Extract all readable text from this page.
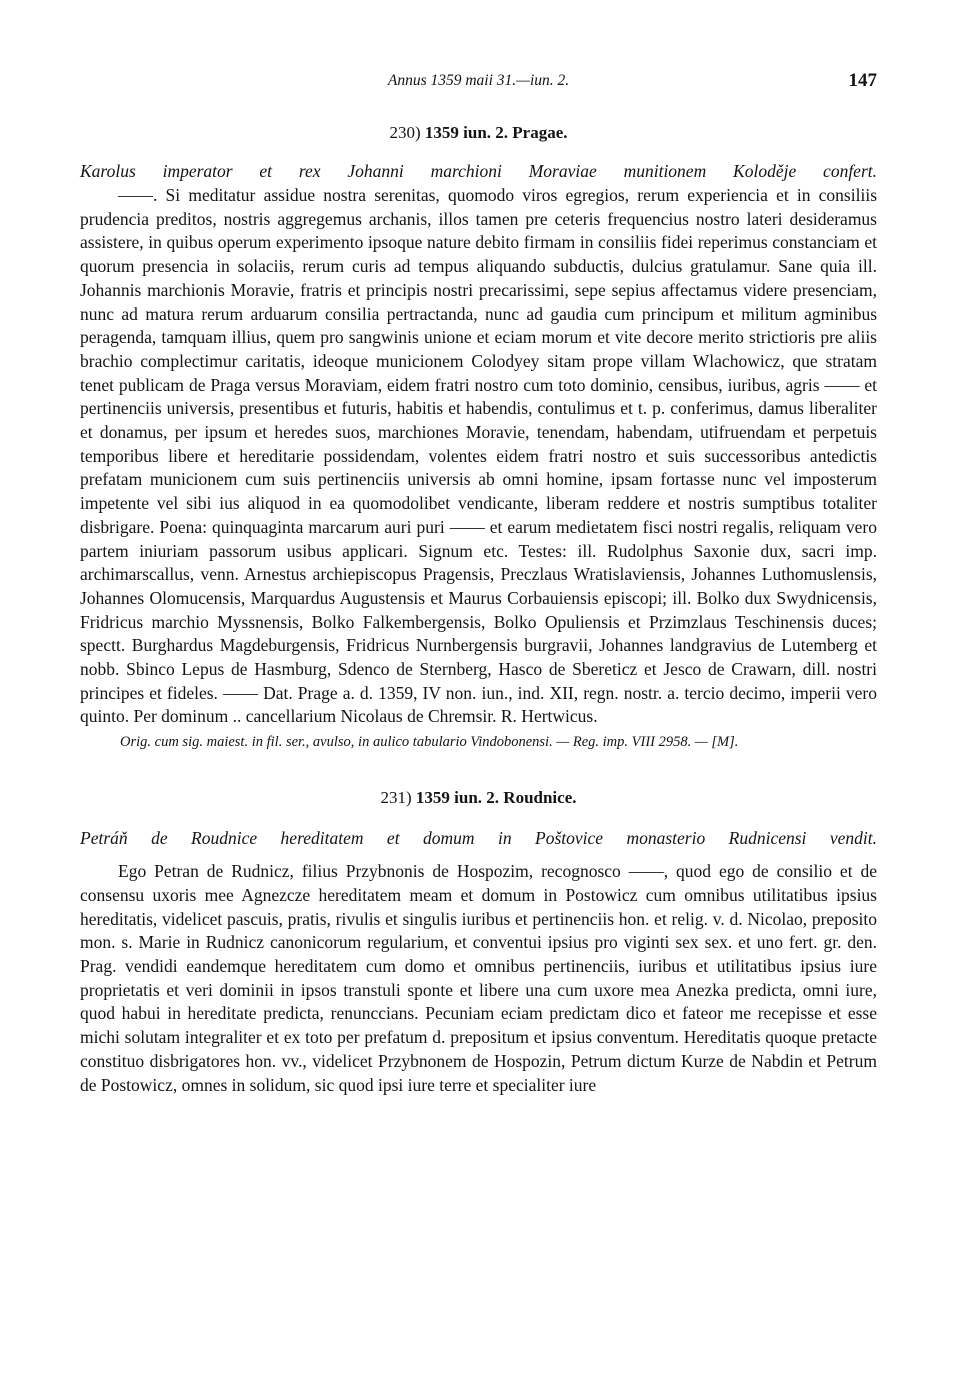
Annus 1359 maii 31.—iun. 2.	147
230) 1359 iun. 2. Pragae.
Karolus imperator et rex Johanni marchioni Moraviae munitionem Koloděje confert.
——. Si meditatur assidue nostra serenitas, quomodo viros egregios, rerum experiencia et in consiliis prudencia preditos, nostris aggregemus archanis, illos tamen pre ceteris frequencius nostro lateri desideramus assistere, in quibus operum experimento ipsoque nature debito firmam in consiliis fidei reperimus constanciam et quorum presencia in solaciis, rerum curis ad tempus aliquando subductis, dulcius gratulamur. Sane quia ill. Johannis marchionis Moravie, fratris et principis nostri precarissimi, sepe sepius affectamus videre presenciam, nunc ad matura rerum arduarum consilia pertractanda, nunc ad gaudia cum principum et militum agminibus peragenda, tamquam illius, quem pro sangwinis unione et eciam morum et vite decore merito strictioris pre aliis brachio complectimur caritatis, ideoque municionem Colodyey sitam prope villam Wlachowicz, que stratam tenet publicam de Praga versus Moraviam, eidem fratri nostro cum toto dominio, censibus, iuribus, agris —— et pertinenciis universis, presentibus et futuris, habitis et habendis, contulimus et t. p. conferimus, damus liberaliter et donamus, per ipsum et heredes suos, marchiones Moravie, tenendam, habendam, utifruendam et perpetuis temporibus libere et hereditarie possidendam, volentes eidem fratri nostro et suis successoribus antedictis prefatam municionem cum suis pertinenciis universis ab omni homine, ipsam fortasse nunc vel imposterum impetente vel sibi ius aliquod in ea quomodolibet vendicante, liberam reddere et nostris sumptibus totaliter disbrigare. Poena: quinquaginta marcarum auri puri —— et earum medietatem fisci nostri regalis, reliquam vero partem iniuriam passorum usibus applicari. Signum etc. Testes: ill. Rudolphus Saxonie dux, sacri imp. archimarscallus, venn. Arnestus archiepiscopus Pragensis, Preczlaus Wratislaviensis, Johannes Luthomuslensis, Johannes Olomucensis, Marquardus Augustensis et Maurus Corbauiensis episcopi; ill. Bolko dux Swydnicensis, Fridricus marchio Myssnensis, Bolko Falkembergensis, Bolko Opuliensis et Przimzlaus Teschinensis duces; spectt. Burghardus Magdeburgensis, Fridricus Nurnbergensis burgravii, Johannes landgravius de Lutemberg et nobb. Sbinco Lepus de Hasmburg, Sdenco de Sternberg, Hasco de Sbereticz et Jesco de Crawarn, dill. nostri principes et fideles. —— Dat. Prage a. d. 1359, IV non. iun., ind. XII, regn. nostr. a. tercio decimo, imperii vero quinto. Per dominum .. cancellarium Nicolaus de Chremsir. R. Hertwicus.
Orig. cum sig. maiest. in fil. ser., avulso, in aulico tabulario Vindobonensi. — Reg. imp. VIII 2958. — [M].
231) 1359 iun. 2. Roudnice.
Petráň de Roudnice hereditatem et domum in Poštovice monasterio Rudnicensi vendit.
Ego Petran de Rudnicz, filius Przybnonis de Hospozim, recognosco ——, quod ego de consilio et de consensu uxoris mee Agnezcze hereditatem meam et domum in Postowicz cum omnibus utilitatibus ipsius hereditatis, videlicet pascuis, pratis, rivulis et singulis iuribus et pertinenciis hon. et relig. v. d. Nicolao, preposito mon. s. Marie in Rudnicz canonicorum regularium, et conventui ipsius pro viginti sex sex. et uno fert. gr. den. Prag. vendidi eandemque hereditatem cum domo et omnibus pertinenciis, iuribus et utilitatibus ipsius iure proprietatis et veri dominii in ipsos transtuli sponte et libere una cum uxore mea Anezka predicta, omni iure, quod habui in hereditate predicta, renunccians. Pecuniam eciam predictam dico et fateor me recepisse et esse michi solutam integraliter et ex toto per prefatum d. prepositum et ipsius conventum. Hereditatis quoque pretacte constituo disbrigatores hon. vv., videlicet Przybnonem de Hospozin, Petrum dictum Kurze de Nabdin et Petrum de Postowicz, omnes in solidum, sic quod ipsi iure terre et specialiter iure
